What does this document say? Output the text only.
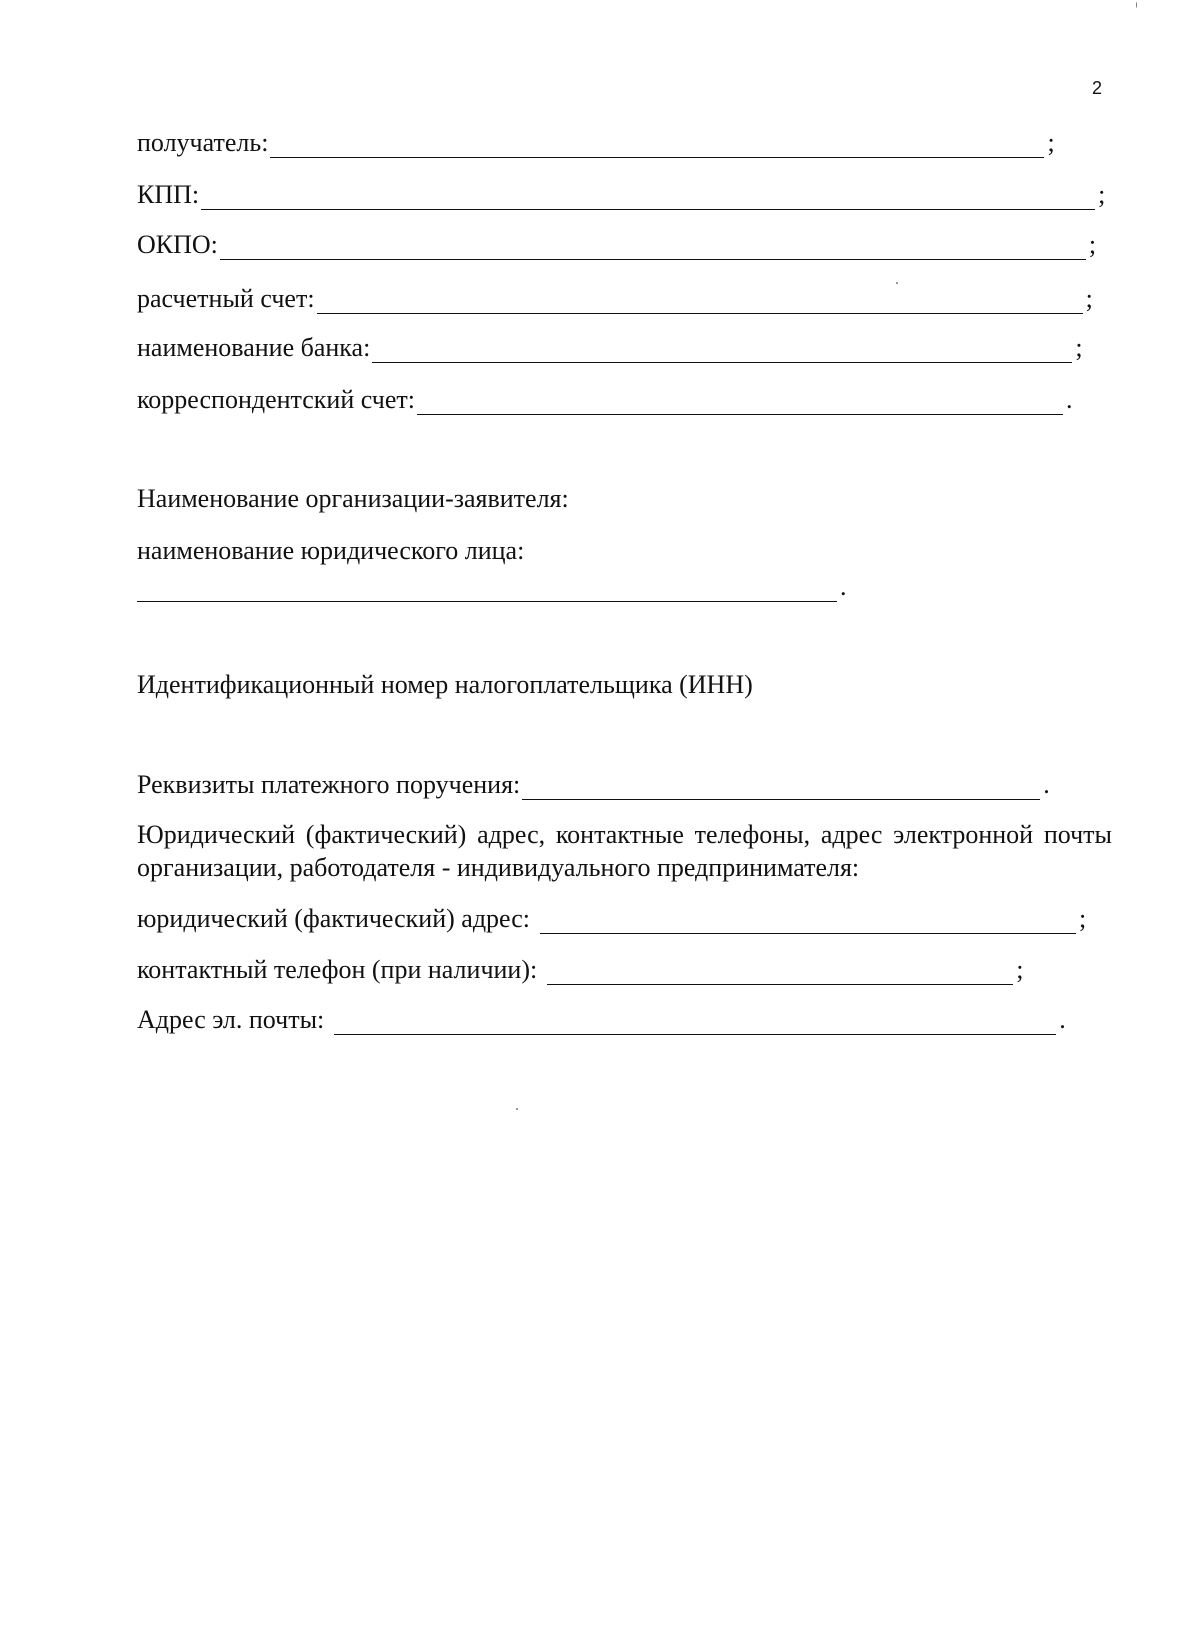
2
получатель:	;
КПП:	;
ОКПО:	;
расчетный счет:	;
наименование банка:	;
корреспондентский счет:	.
Наименование организации-заявителя:
наименование юридического лица:
.
Идентификационный номер налогоплательщика (ИНН)
Реквизиты платежного поручения:	.
Юридический (фактический) адрес, контактные телефоны, адрес электронной почты организации, работодателя - индивидуального предпринимателя:
юридический (фактический) адрес:	;
контактный телефон (при наличии):	;
Адрес эл. почты:	.
